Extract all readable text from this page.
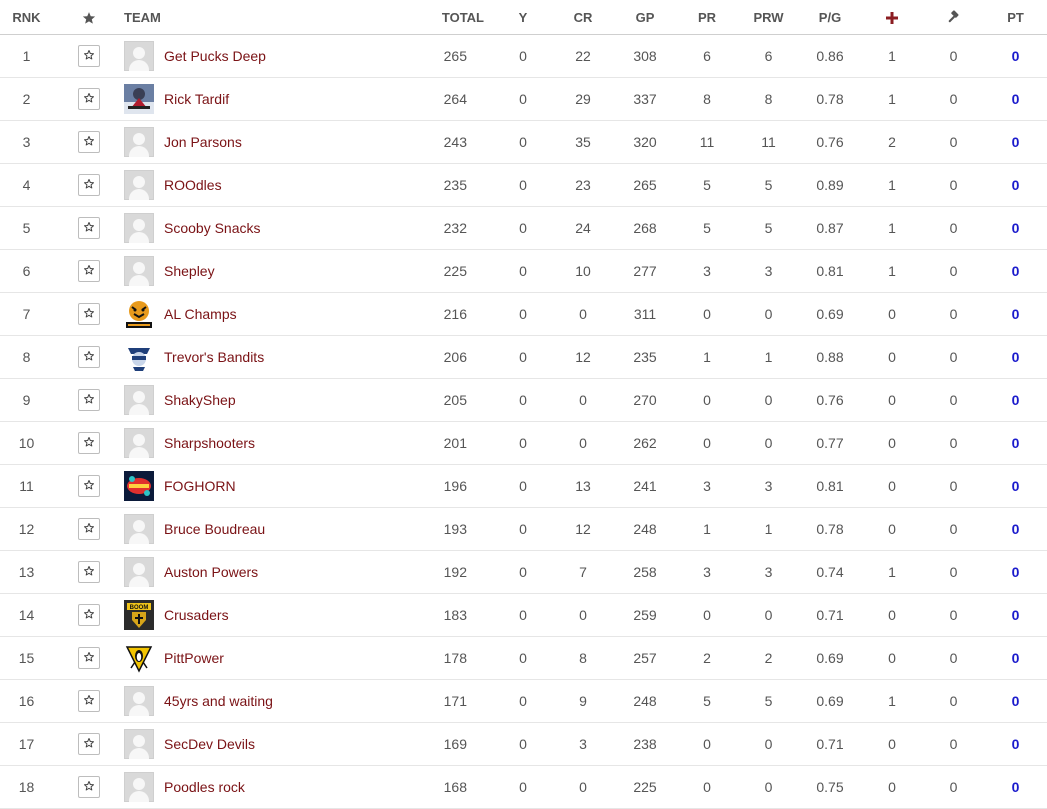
RNK		TEAM	TOTAL		Y	CR	GP	PR	PRW	P/G			PT
1		Get Pucks Deep	265		0	22	308	6	6	0.86	1	0	0
2		Rick Tardif	264		0	29	337	8	8	0.78	1	0	0
3		Jon Parsons	243		0	35	320	11	11	0.76	2	0	0
4		ROOdles	235		0	23	265	5	5	0.89	1	0	0
5		Scooby Snacks	232		0	24	268	5	5	0.87	1	0	0
6		Shepley	225		0	10	277	3	3	0.81	1	0	0
7		AL Champs	216		0	0	311	0	0	0.69	0	0	0
8		Trevor's Bandits	206		0	12	235	1	1	0.88	0	0	0
9		ShakyShep	205		0	0	270	0	0	0.76	0	0	0
10		Sharpshooters	201		0	0	262	0	0	0.77	0	0	0
11		FOGHORN	196		0	13	241	3	3	0.81	0	0	0
12		Bruce Boudreau	193		0	12	248	1	1	0.78	0	0	0
13		Auston Powers	192		0	7	258	3	3	0.74	1	0	0
14		BOOM Crusaders	183		0	0	259	0	0	0.71	0	0	0
15		PittPower	178		0	8	257	2	2	0.69	0	0	0
16		45yrs and waiting	171		0	9	248	5	5	0.69	1	0	0
17		SecDev Devils	169		0	3	238	0	0	0.71	0	0	0
18		Poodles rock	168		0	0	225	0	0	0.75	0	0	0
